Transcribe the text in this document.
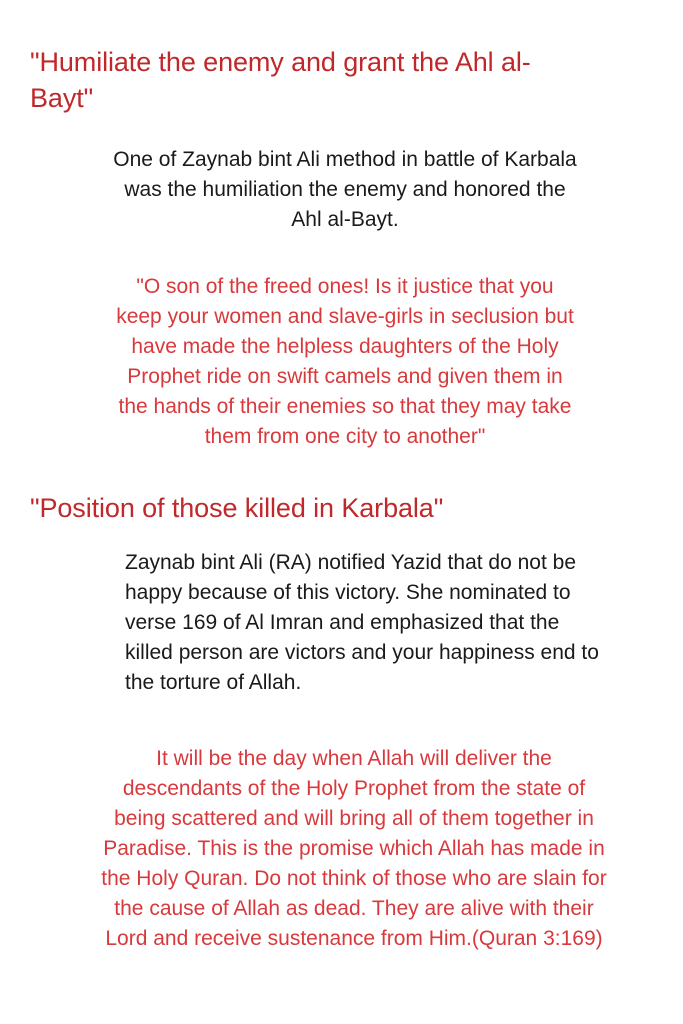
"Humiliate the enemy and grant the Ahl al-Bayt"

One of Zaynab bint Ali method in battle of Karbala was the humiliation the enemy and honored the Ahl al-Bayt.

"O son of the freed ones! Is it justice that you keep your women and slave-girls in seclusion but have made the helpless daughters of the Holy Prophet ride on swift camels and given them in the hands of their enemies so that they may take them from one city to another"

"Position of those killed in Karbala"

Zaynab bint Ali (RA) notified Yazid that do not be happy because of this victory. She nominated to verse 169 of Al Imran and emphasized that the killed person are victors and your happiness end to the torture of Allah.

It will be the day when Allah will deliver the descendants of the Holy Prophet from the state of being scattered and will bring all of them together in Paradise. This is the promise which Allah has made in the Holy Quran. Do not think of those who are slain for the cause of Allah as dead. They are alive with their Lord and receive sustenance from Him.(Quran 3:169)
